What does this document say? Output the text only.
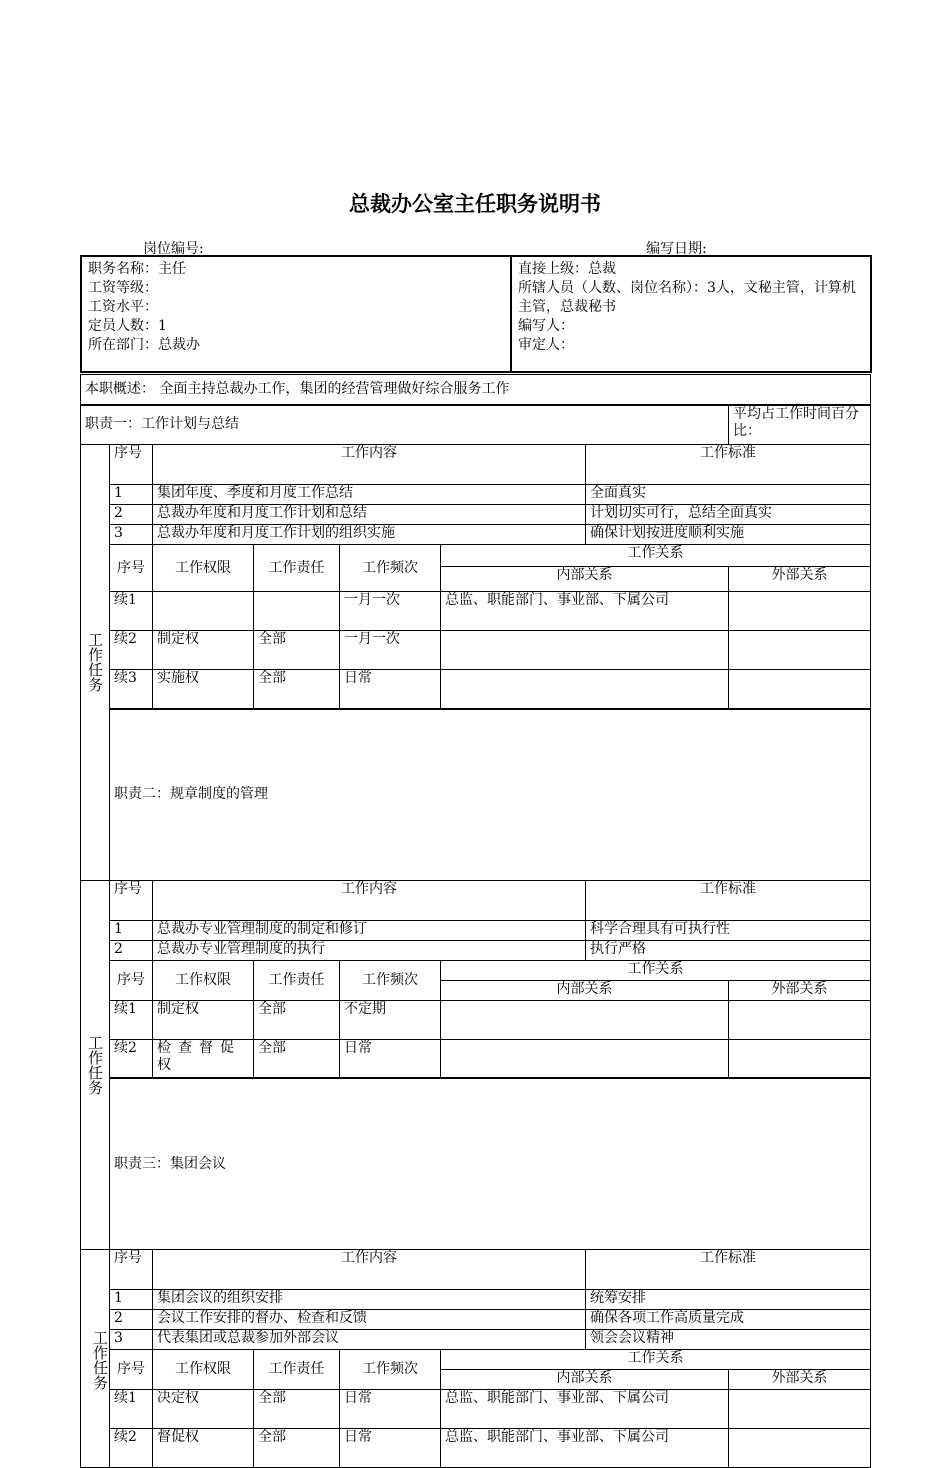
总裁办公室主任职务说明书
岗位编号:	编写日期:
职务名称：主任
工资等级：
工资水平：
定员人数：1
所在部门：总裁办

直接上级：总裁
所辖人员（人数、岗位名称）：3人，文秘主管，计算机主管，总裁秘书
编写人：
审定人：
本职概述： 全面主持总裁办工作，集团的经营管理做好综合服务工作								
职责一：工作计划与总结							平均占工作时间百分比：	
工作任务	序号	工作内容				工作标准		
	1	集团年度、季度和月度工作总结				全面真实		
	2	总裁办年度和月度工作计划和总结				计划切实可行，总结全面真实		
	3	总裁办年度和月度工作计划的组织实施				确保计划按进度顺利实施		
	序号	工作权限	工作责任	工作频次	工作关系			
					内部关系		外部关系	
	续1			一月一次	总监、职能部门、事业部、下属公司			
	续2	制定权	全部	一月一次				
	续3	实施权	全部	日常				
	职责二：规章制度的管理	
工作任务	序号	工作内容				工作标准		
	1	总裁办专业管理制度的制定和修订				科学合理具有可执行性		
	2	总裁办专业管理制度的执行				执行严格		
	序号	工作权限	工作责任	工作频次	工作关系			
					内部关系		外部关系	
	续1	制定权	全部	不定期				
	续2	检查督促权	全部	日常				
	职责三：集团会议	
工作任务	序号	工作内容				工作标准		
	1	集团会议的组织安排				统筹安排		
	2	会议工作安排的督办、检查和反馈				确保各项工作高质量完成		
	3	代表集团或总裁参加外部会议				领会会议精神		
	序号	工作权限	工作责任	工作频次	工作关系			
					内部关系		外部关系	
	续1	决定权	全部	日常	总监、职能部门、事业部、下属公司			
	续2	督促权	全部	日常	总监、职能部门、事业部、下属公司			
